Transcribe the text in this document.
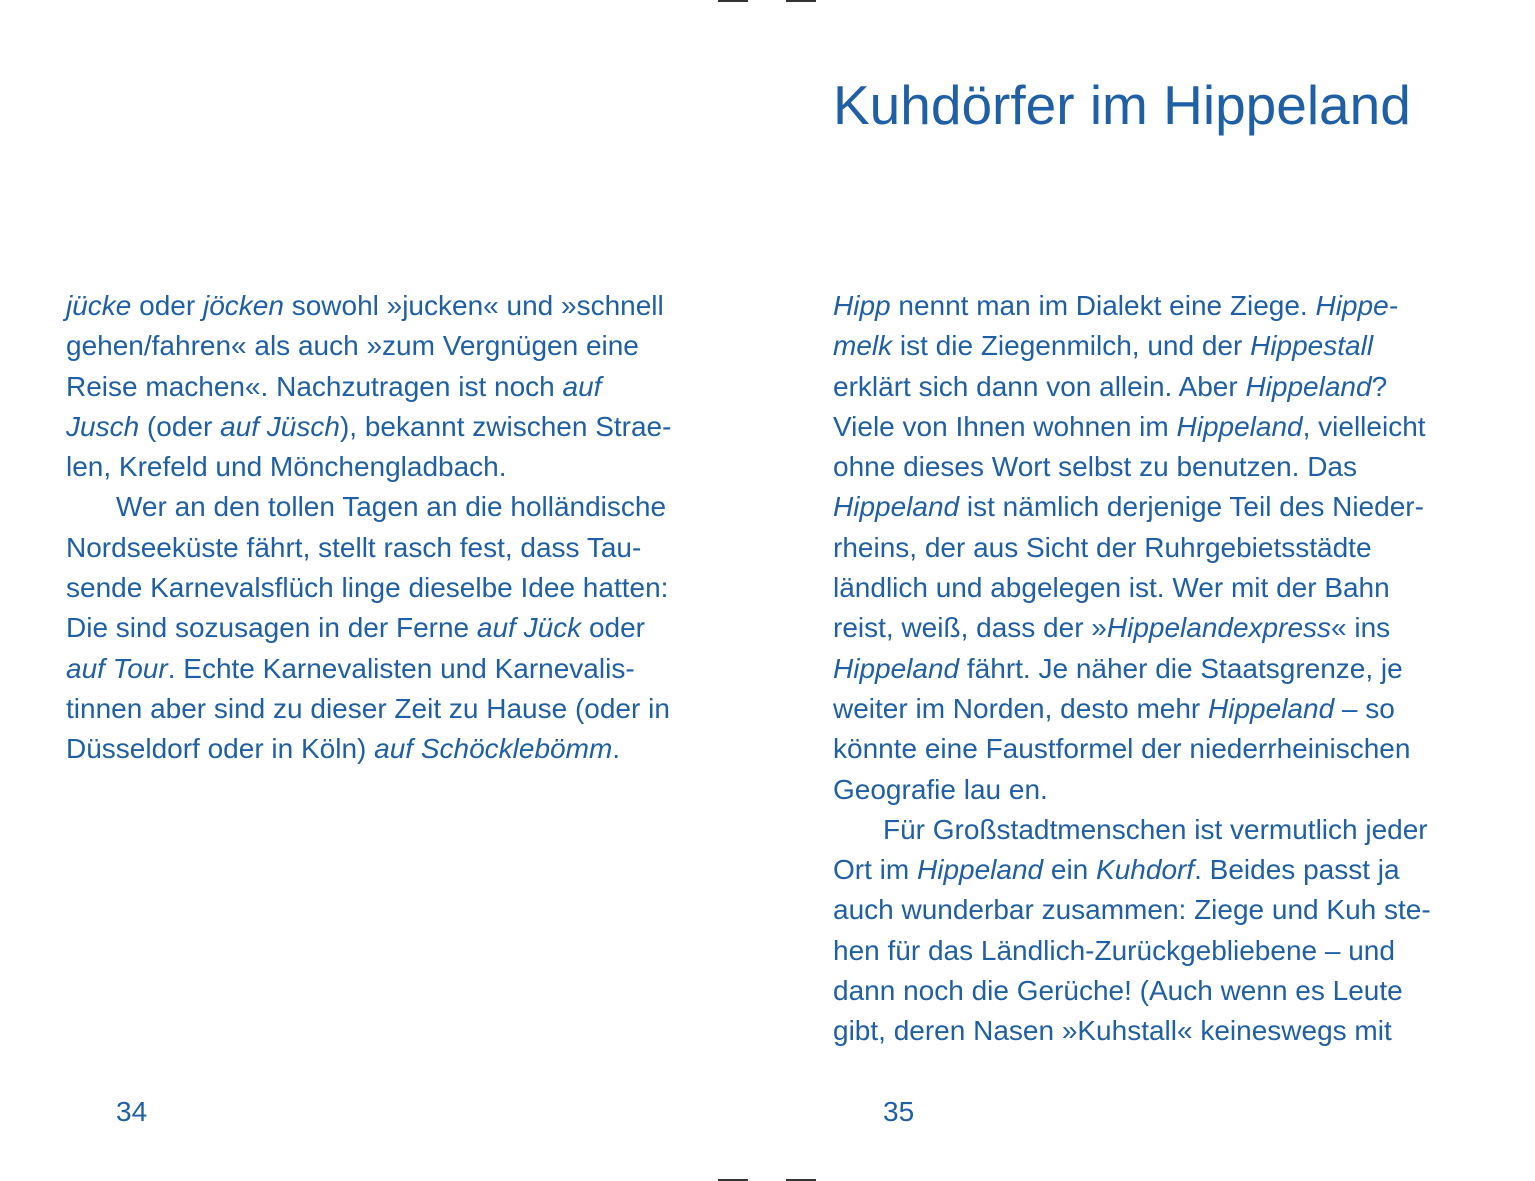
jücke oder jöcken sowohl »jucken« und »schnell
gehen/fahren« als auch »zum Vergnügen eine
Reise machen«. Nachzutragen ist noch auf
Jusch (oder auf Jüsch), bekannt zwischen Strae-
len, Krefeld und Mönchengladbach.
Wer an den tollen Tagen an die holländische
Nordseeküste fährt, stellt rasch fest, dass Tau-
sende Karnevalsflüch linge dieselbe Idee hatten:
Die sind sozusagen in der Ferne auf Jück oder
auf Tour. Echte Karnevalisten und Karnevalis-
tinnen aber sind zu dieser Zeit zu Hause (oder in
Düsseldorf oder in Köln) auf Schöcklebömm.
34
Kuhdörfer im Hippeland
Hipp nennt man im Dialekt eine Ziege. Hippe-
melk ist die Ziegenmilch, und der Hippestall
erklärt sich dann von allein. Aber Hippeland?
Viele von Ihnen wohnen im Hippeland, vielleicht
ohne dieses Wort selbst zu benutzen. Das
Hippeland ist nämlich derjenige Teil des Nieder-
rheins, der aus Sicht der Ruhrgebietsstädte
ländlich und abgelegen ist. Wer mit der Bahn
reist, weiß, dass der »Hippelandexpress« ins
Hippeland fährt. Je näher die Staatsgrenze, je
weiter im Norden, desto mehr Hippeland – so
könnte eine Faustformel der niederrheinischen
Geografie lau en.
Für Großstadtmenschen ist vermutlich jeder
Ort im Hippeland ein Kuhdorf. Beides passt ja
auch wunderbar zusammen: Ziege und Kuh ste-
hen für das Ländlich-Zurückgebliebene – und
dann noch die Gerüche! (Auch wenn es Leute
gibt, deren Nasen »Kuhstall« keineswegs mit
35
